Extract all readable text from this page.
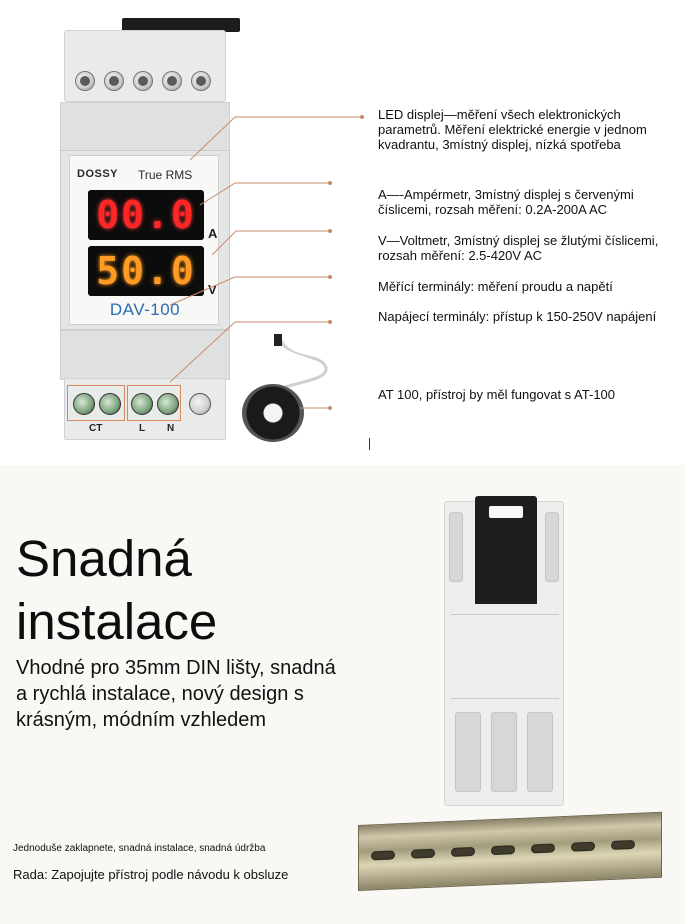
DOSSY True RMS
00.0 A
50.0 V
DAV-100
CT	L N
LED displej—měření všech elektronických parametrů. Měření elektrické energie v jednom kvadrantu, 3místný displej, nízká spotřeba
A—-Ampérmetr, 3místný displej s červenými číslicemi, rozsah měření: 0.2A-200A AC
V—Voltmetr, 3místný displej se žlutými číslicemi, rozsah měření: 2.5-420V AC
Měřící terminály: měření proudu a napětí
Napájecí terminály: přístup k 150-250V napájení
AT 100, přístroj by měl fungovat s AT-100
Snadná instalace
Vhodné pro 35mm DIN lišty, snadná a rychlá instalace, nový design s krásným, módním vzhledem
Jednoduše zaklapnete, snadná instalace, snadná údržba
Rada: Zapojujte přístroj podle návodu k obsluze
